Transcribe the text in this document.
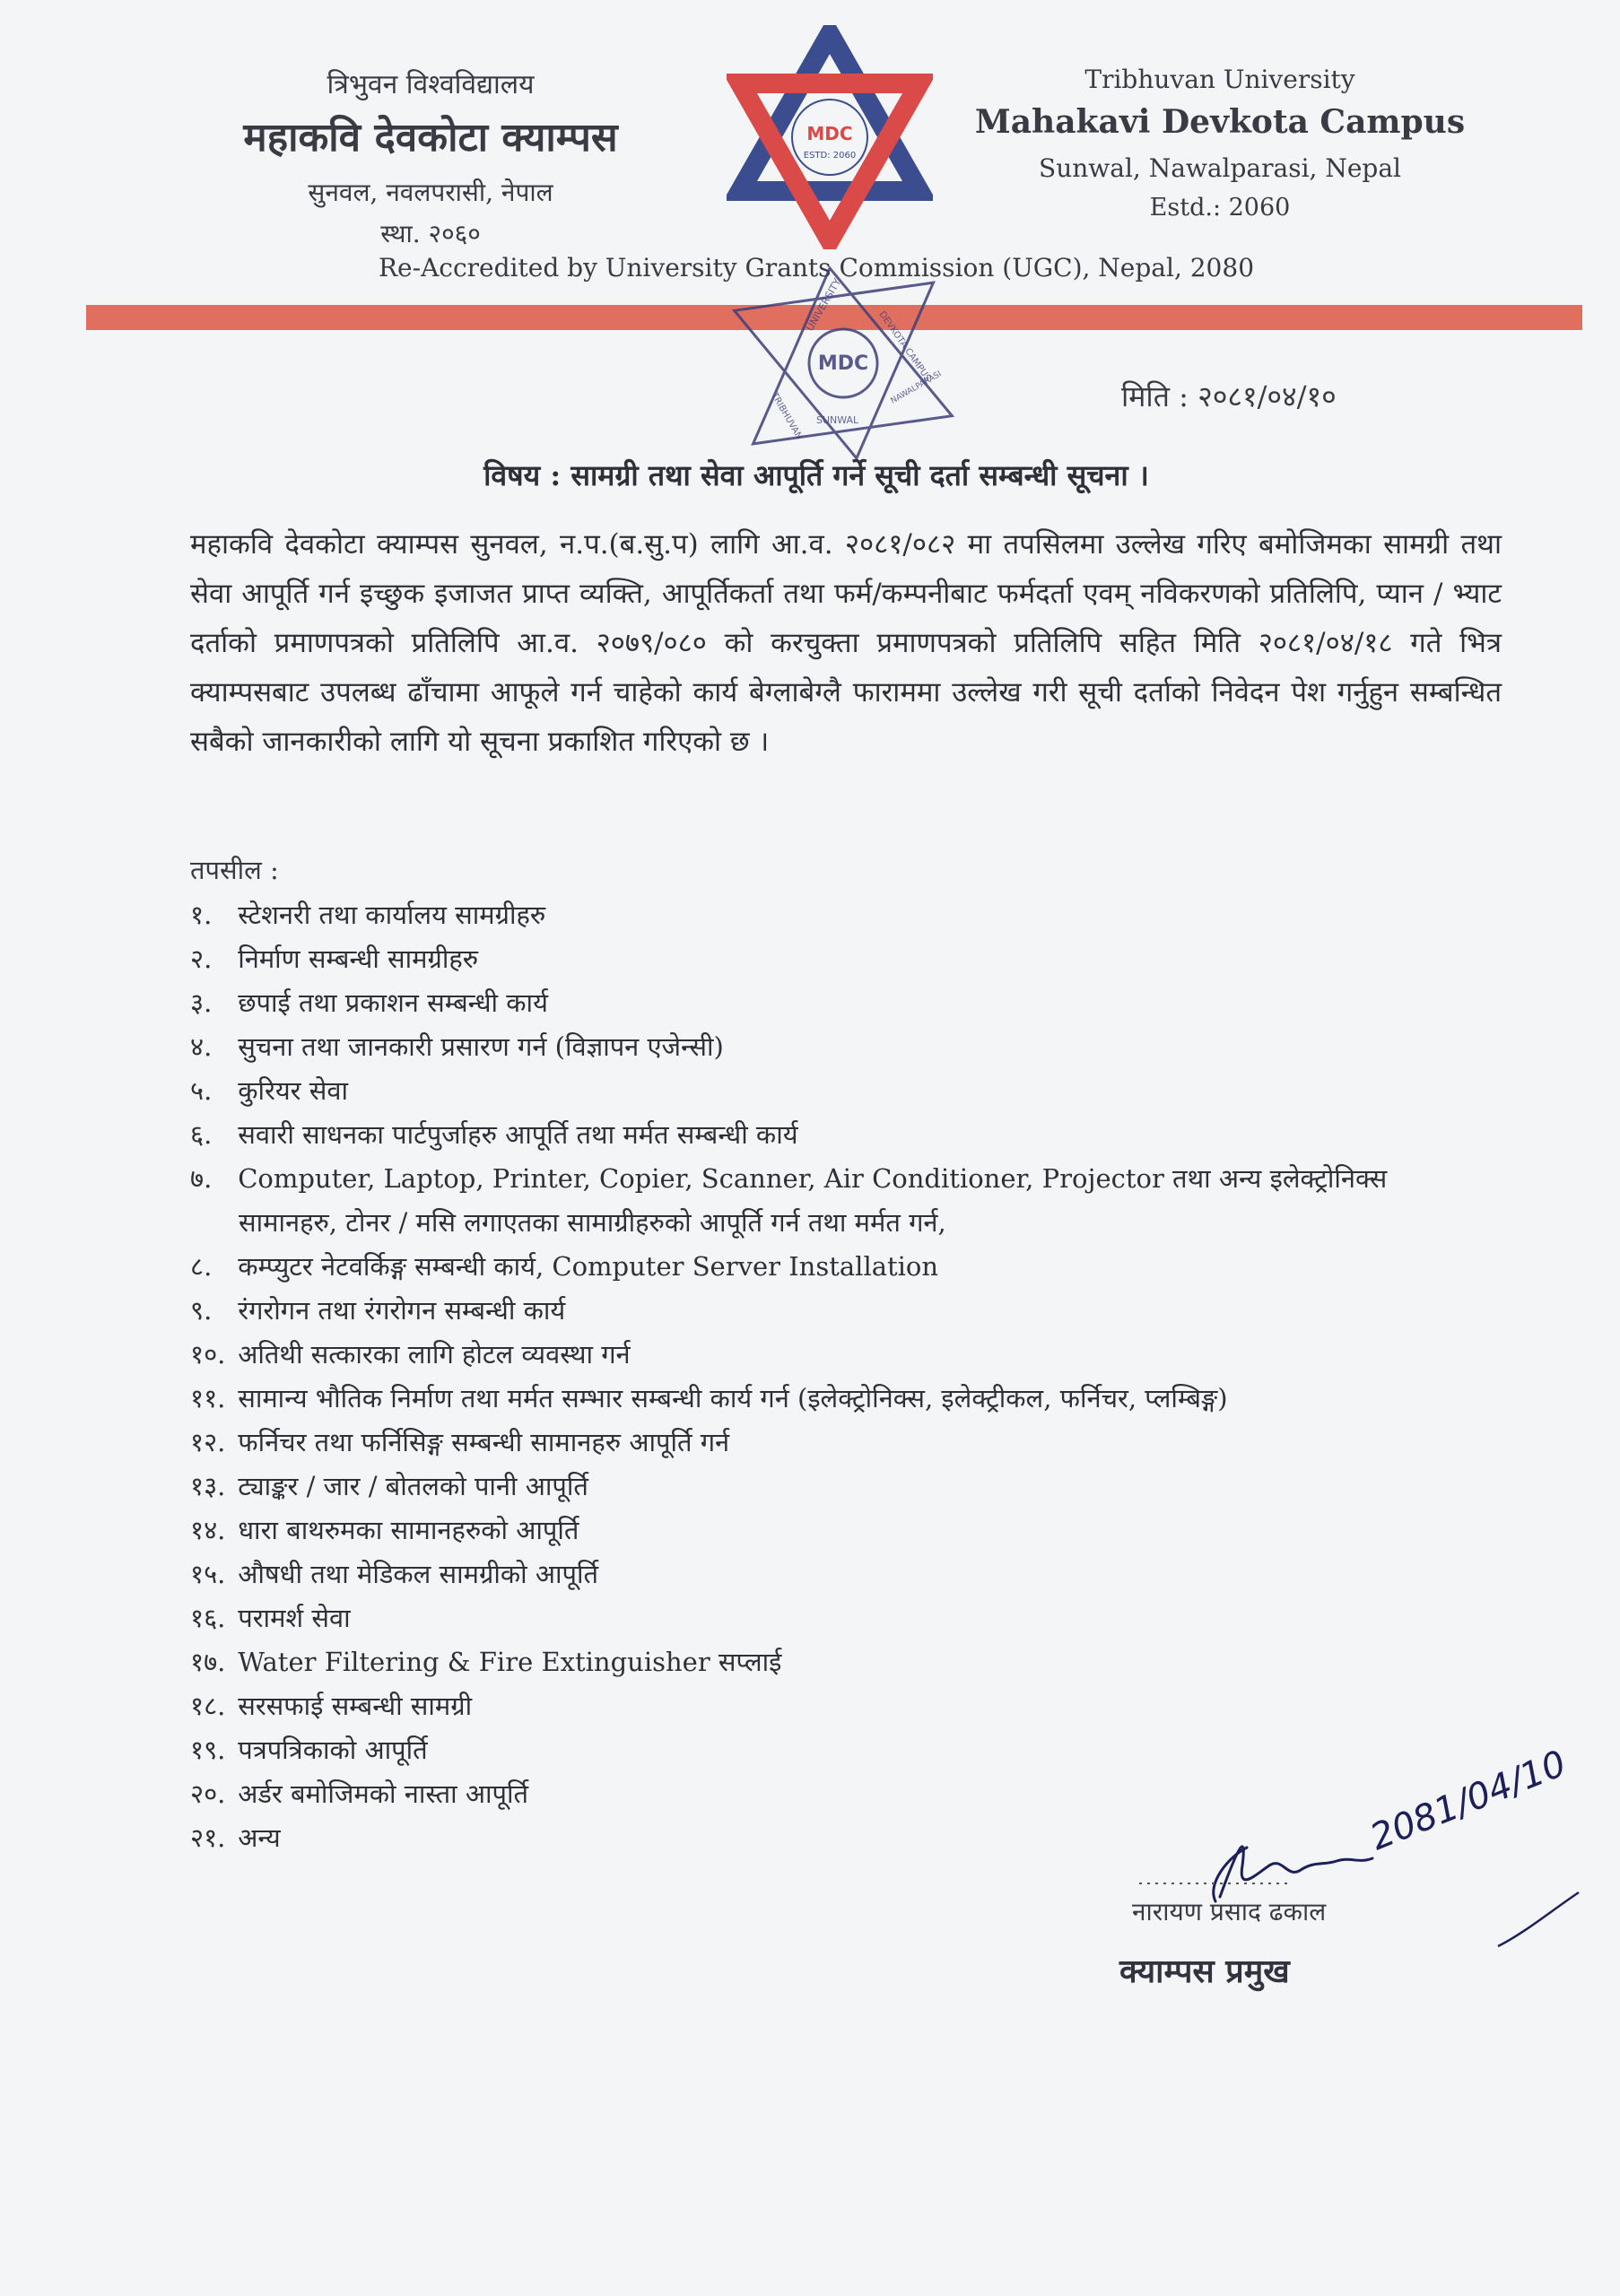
त्रिभुवन विश्वविद्यालय
महाकवि देवकोटा क्याम्पस
सुनवल, नवलपरासी, नेपाल
स्था. २०६०
MDC
ESTD: 2060
Tribhuvan University
Mahakavi Devkota Campus
Sunwal, Nawalparasi, Nepal
Estd.: 2060
Re-Accredited by University Grants Commission (UGC), Nepal, 2080
MDC
UNIVERSITY
TRIBHUVAN
DEVKOTA CAMPUS
SUNWAL
NAWALPARASI	मिति : २०८१/०४/१०
विषय : सामग्री तथा सेवा आपूर्ति गर्ने सूची दर्ता सम्बन्धी सूचना ।
महाकवि देवकोटा क्याम्पस सुनवल, न.प.(ब.सु.प) लागि आ.व. २०८१/०८२ मा तपसिलमा उल्लेख गरिए बमोजिमका सामग्री तथा सेवा आपूर्ति गर्न इच्छुक इजाजत प्राप्त व्यक्ति, आपूर्तिकर्ता तथा फर्म/कम्पनीबाट फर्मदर्ता एवम् नविकरणको प्रतिलिपि, प्यान / भ्याट दर्ताको प्रमाणपत्रको प्रतिलिपि आ.व. २०७९/०८० को करचुक्ता प्रमाणपत्रको प्रतिलिपि सहित मिति २०८१/०४/१८ गते भित्र क्याम्पसबाट उपलब्ध ढाँचामा आफूले गर्न चाहेको कार्य बेग्लाबेग्लै फाराममा उल्लेख गरी सूची दर्ताको निवेदन पेश गर्नुहुन सम्बन्धित सबैको जानकारीको लागि यो सूचना प्रकाशित गरिएको छ ।
तपसील :
१. स्टेशनरी तथा कार्यालय सामग्रीहरु
२. निर्माण सम्बन्धी सामग्रीहरु
३. छपाई तथा प्रकाशन सम्बन्धी कार्य
४. सुचना तथा जानकारी प्रसारण गर्न (विज्ञापन एजेन्सी)
५. कुरियर सेवा
६. सवारी साधनका पार्टपुर्जाहरु आपूर्ति तथा मर्मत सम्बन्धी कार्य
७. Computer, Laptop, Printer, Copier, Scanner, Air Conditioner, Projector तथा अन्य इलेक्ट्रोनिक्स
सामानहरु, टोनर / मसि लगाएतका सामाग्रीहरुको आपूर्ति गर्न तथा मर्मत गर्न,
८. कम्प्युटर नेटवर्किङ्ग सम्बन्धी कार्य, Computer Server Installation
९. रंगरोगन तथा रंगरोगन सम्बन्धी कार्य
१०. अतिथी सत्कारका लागि होटल व्यवस्था गर्न
११. सामान्य भौतिक निर्माण तथा मर्मत सम्भार सम्बन्धी कार्य गर्न (इलेक्ट्रोनिक्स, इलेक्ट्रीकल, फर्निचर, प्लम्बिङ्ग)
१२. फर्निचर तथा फर्निसिङ्ग सम्बन्धी सामानहरु आपूर्ति गर्न
१३. ट्याङ्कर / जार / बोतलको पानी आपूर्ति
१४. धारा बाथरुमका सामानहरुको आपूर्ति
१५. औषधी तथा मेडिकल सामग्रीको आपूर्ति
१६. परामर्श सेवा
१७. Water Filtering & Fire Extinguisher सप्लाई
१८. सरसफाई सम्बन्धी सामग्री
१९. पत्रपत्रिकाको आपूर्ति
२०. अर्डर बमोजिमको नास्ता आपूर्ति
२१. अन्य	2081/04/10
नारायण प्रसाद ढकाल
क्याम्पस प्रमुख
